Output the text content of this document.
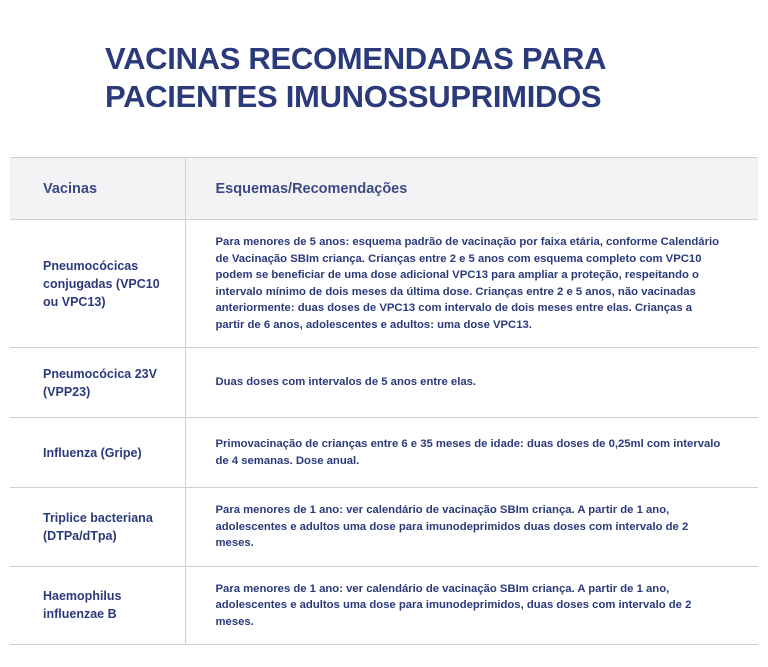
VACINAS RECOMENDADAS PARA
PACIENTES IMUNOSSUPRIMIDOS
Vacinas	Esquemas/Recomendações
Pneumocócicas conjugadas (VPC10 ou VPC13)	Para menores de 5 anos: esquema padrão de vacinação por faixa etária, conforme Calendário de Vacinação SBIm criança. Crianças entre 2 e 5 anos com esquema completo com VPC10 podem se beneficiar de uma dose adicional VPC13 para ampliar a proteção, respeitando o intervalo mínimo de dois meses da última dose. Crianças entre 2 e 5 anos, não vacinadas anteriormente: duas doses de VPC13 com intervalo de dois meses entre elas. Crianças a partir de 6 anos, adolescentes e adultos: uma dose VPC13.
Pneumocócica 23V (VPP23)	Duas doses com intervalos de 5 anos entre elas.
Influenza (Gripe)	Primovacinação de crianças entre 6 e 35 meses de idade: duas doses de 0,25ml com intervalo de 4 semanas. Dose anual.
Triplice bacteriana (DTPa/dTpa)	Para menores de 1 ano: ver calendário de vacinação SBIm criança. A partir de 1 ano, adolescentes e adultos uma dose para imunodeprimidos duas doses com intervalo de 2 meses.
Haemophilus influenzae B	Para menores de 1 ano: ver calendário de vacinação SBIm criança. A partir de 1 ano, adolescentes e adultos uma dose para imunodeprimidos, duas doses com intervalo de 2 meses.
